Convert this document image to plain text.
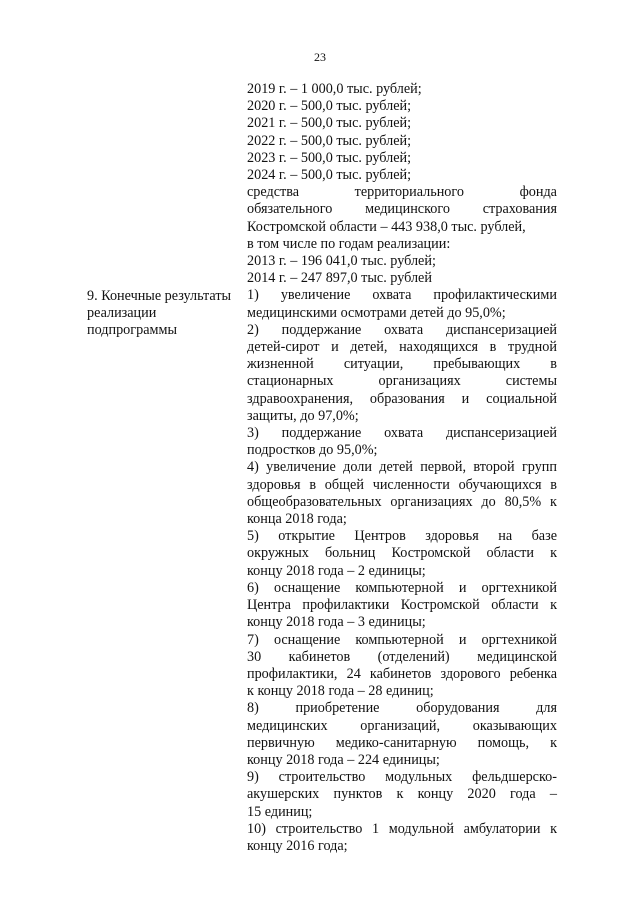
23
9. Конечные результаты
реализации
подпрограммы
2019 г. – 1 000,0 тыс. рублей;
2020 г. – 500,0 тыс. рублей;
2021 г. – 500,0 тыс. рублей;
2022 г. – 500,0 тыс. рублей;
2023 г. – 500,0 тыс. рублей;
2024 г. – 500,0 тыс. рублей;
средства	территориального	фонда
обязательного медицинского страхования
Костромской области – 443 938,0 тыс. рублей,
в том числе по годам реализации:
2013 г. – 196 041,0 тыс. рублей;
2014 г. – 247 897,0 тыс. рублей
1) увеличение охвата профилактическими
медицинскими осмотрами детей до 95,0%;
2) поддержание охвата диспансеризацией
детей-сирот и детей, находящихся в трудной
жизненной ситуации, пребывающих в
стационарных	организациях	системы
здравоохранения, образования и социальной
защиты, до 97,0%;
3) поддержание охвата диспансеризацией
подростков до 95,0%;
4) увеличение доли детей первой, второй групп
здоровья в общей численности обучающихся в
общеобразовательных организациях до 80,5% к
конца 2018 года;
5) открытие Центров здоровья на базе
окружных больниц Костромской области к
концу 2018 года – 2 единицы;
6) оснащение компьютерной и оргтехникой
Центра профилактики Костромской области к
концу 2018 года – 3 единицы;
7) оснащение компьютерной и оргтехникой
30 кабинетов (отделений) медицинской
профилактики, 24 кабинетов здорового ребенка
к концу 2018 года – 28 единиц;
8)	приобретение	оборудования	для
медицинских организаций, оказывающих
первичную медико-санитарную помощь, к
концу 2018 года – 224 единицы;
9) строительство модульных фельдшерско-
акушерских пунктов к концу 2020 года –
15 единиц;
10) строительство 1 модульной амбулатории к
концу 2016 года;
